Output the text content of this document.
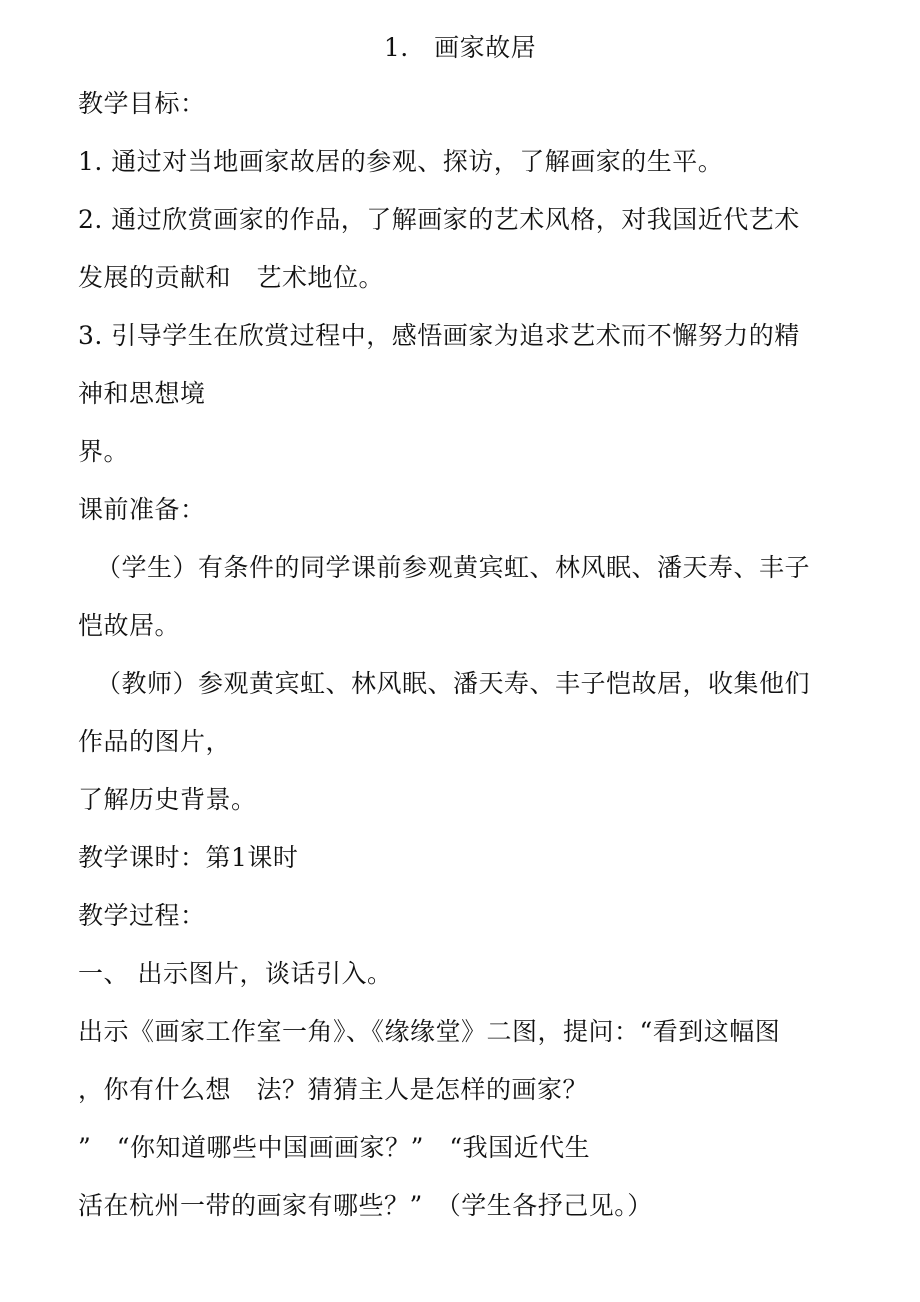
1.　画家故居
教学目标：
1. 通过对当地画家故居的参观、探访，了解画家的生平。
2. 通过欣赏画家的作品，了解画家的艺术风格，对我国近代艺术
发展的贡献和　艺术地位。
3. 引导学生在欣赏过程中，感悟画家为追求艺术而不懈努力的精
神和思想境
界。
课前准备：
（学生）有条件的同学课前参观黄宾虹、林风眠、潘天寿、丰子
恺故居。
（教师）参观黄宾虹、林风眠、潘天寿、丰子恺故居，收集他们
作品的图片，
了解历史背景。
教学课时：第1课时
教学过程：
一、 出示图片，谈话引入。
出示《画家工作室一角》、《缘缘堂》二图，提问：“看到这幅图
，你有什么想　法？猜猜主人是怎样的画家？
”　“你知道哪些中国画画家？”　“我国近代生
活在杭州一带的画家有哪些？”　（学生各抒己见。）
